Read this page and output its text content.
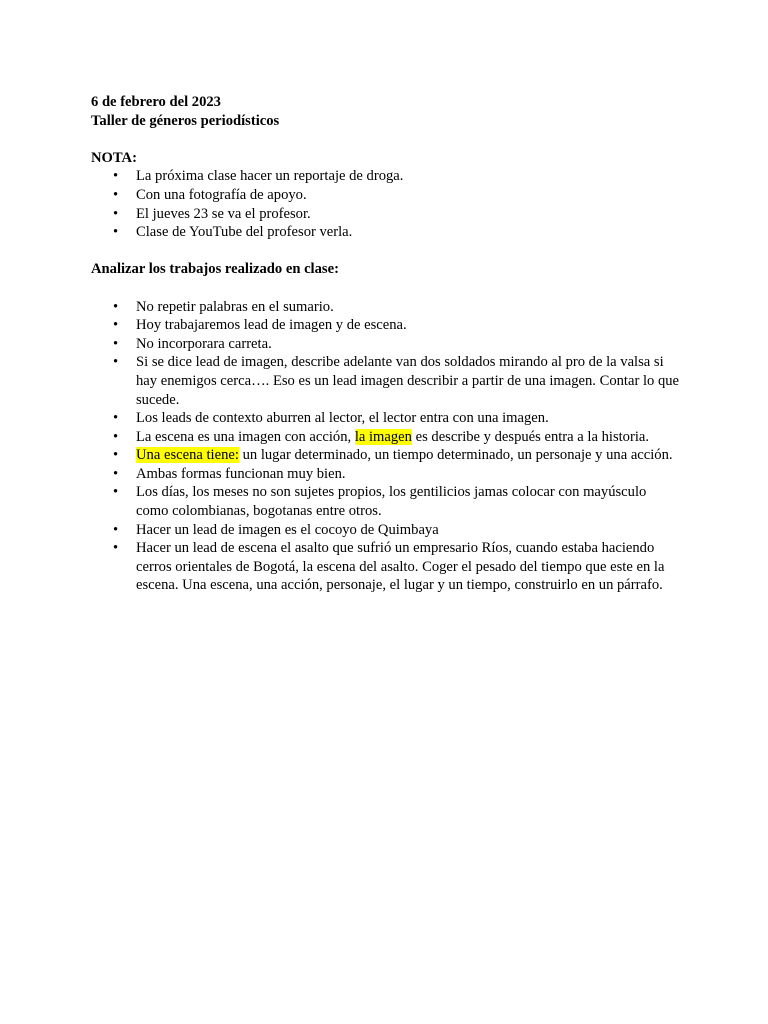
6 de febrero del 2023
Taller de géneros periodísticos
NOTA:
• La próxima clase hacer un reportaje de droga.
• Con una fotografía de apoyo.
• El jueves 23 se va el profesor.
• Clase de YouTube del profesor verla.
Analizar los trabajos realizado en clase:
• No repetir palabras en el sumario.
• Hoy trabajaremos lead de imagen y de escena.
• No incorporara carreta.
• Si se dice lead de imagen, describe adelante van dos soldados mirando al pro de la valsa si hay enemigos cerca…. Eso es un lead imagen describir a partir de una imagen. Contar lo que sucede.
• Los leads de contexto aburren al lector, el lector entra con una imagen.
• La escena es una imagen con acción, la imagen es describe y después entra a la historia.
• Una escena tiene: un lugar determinado, un tiempo determinado, un personaje y una acción.
• Ambas formas funcionan muy bien.
• Los días, los meses no son sujetes propios, los gentilicios jamas colocar con mayúsculo como colombianas, bogotanas entre otros.
• Hacer un lead de imagen es el cocoyo de Quimbaya
• Hacer un lead de escena el asalto que sufrió un empresario Ríos, cuando estaba haciendo cerros orientales de Bogotá, la escena del asalto. Coger el pesado del tiempo que este en la escena. Una escena, una acción, personaje, el lugar y un tiempo, construirlo en un párrafo.
